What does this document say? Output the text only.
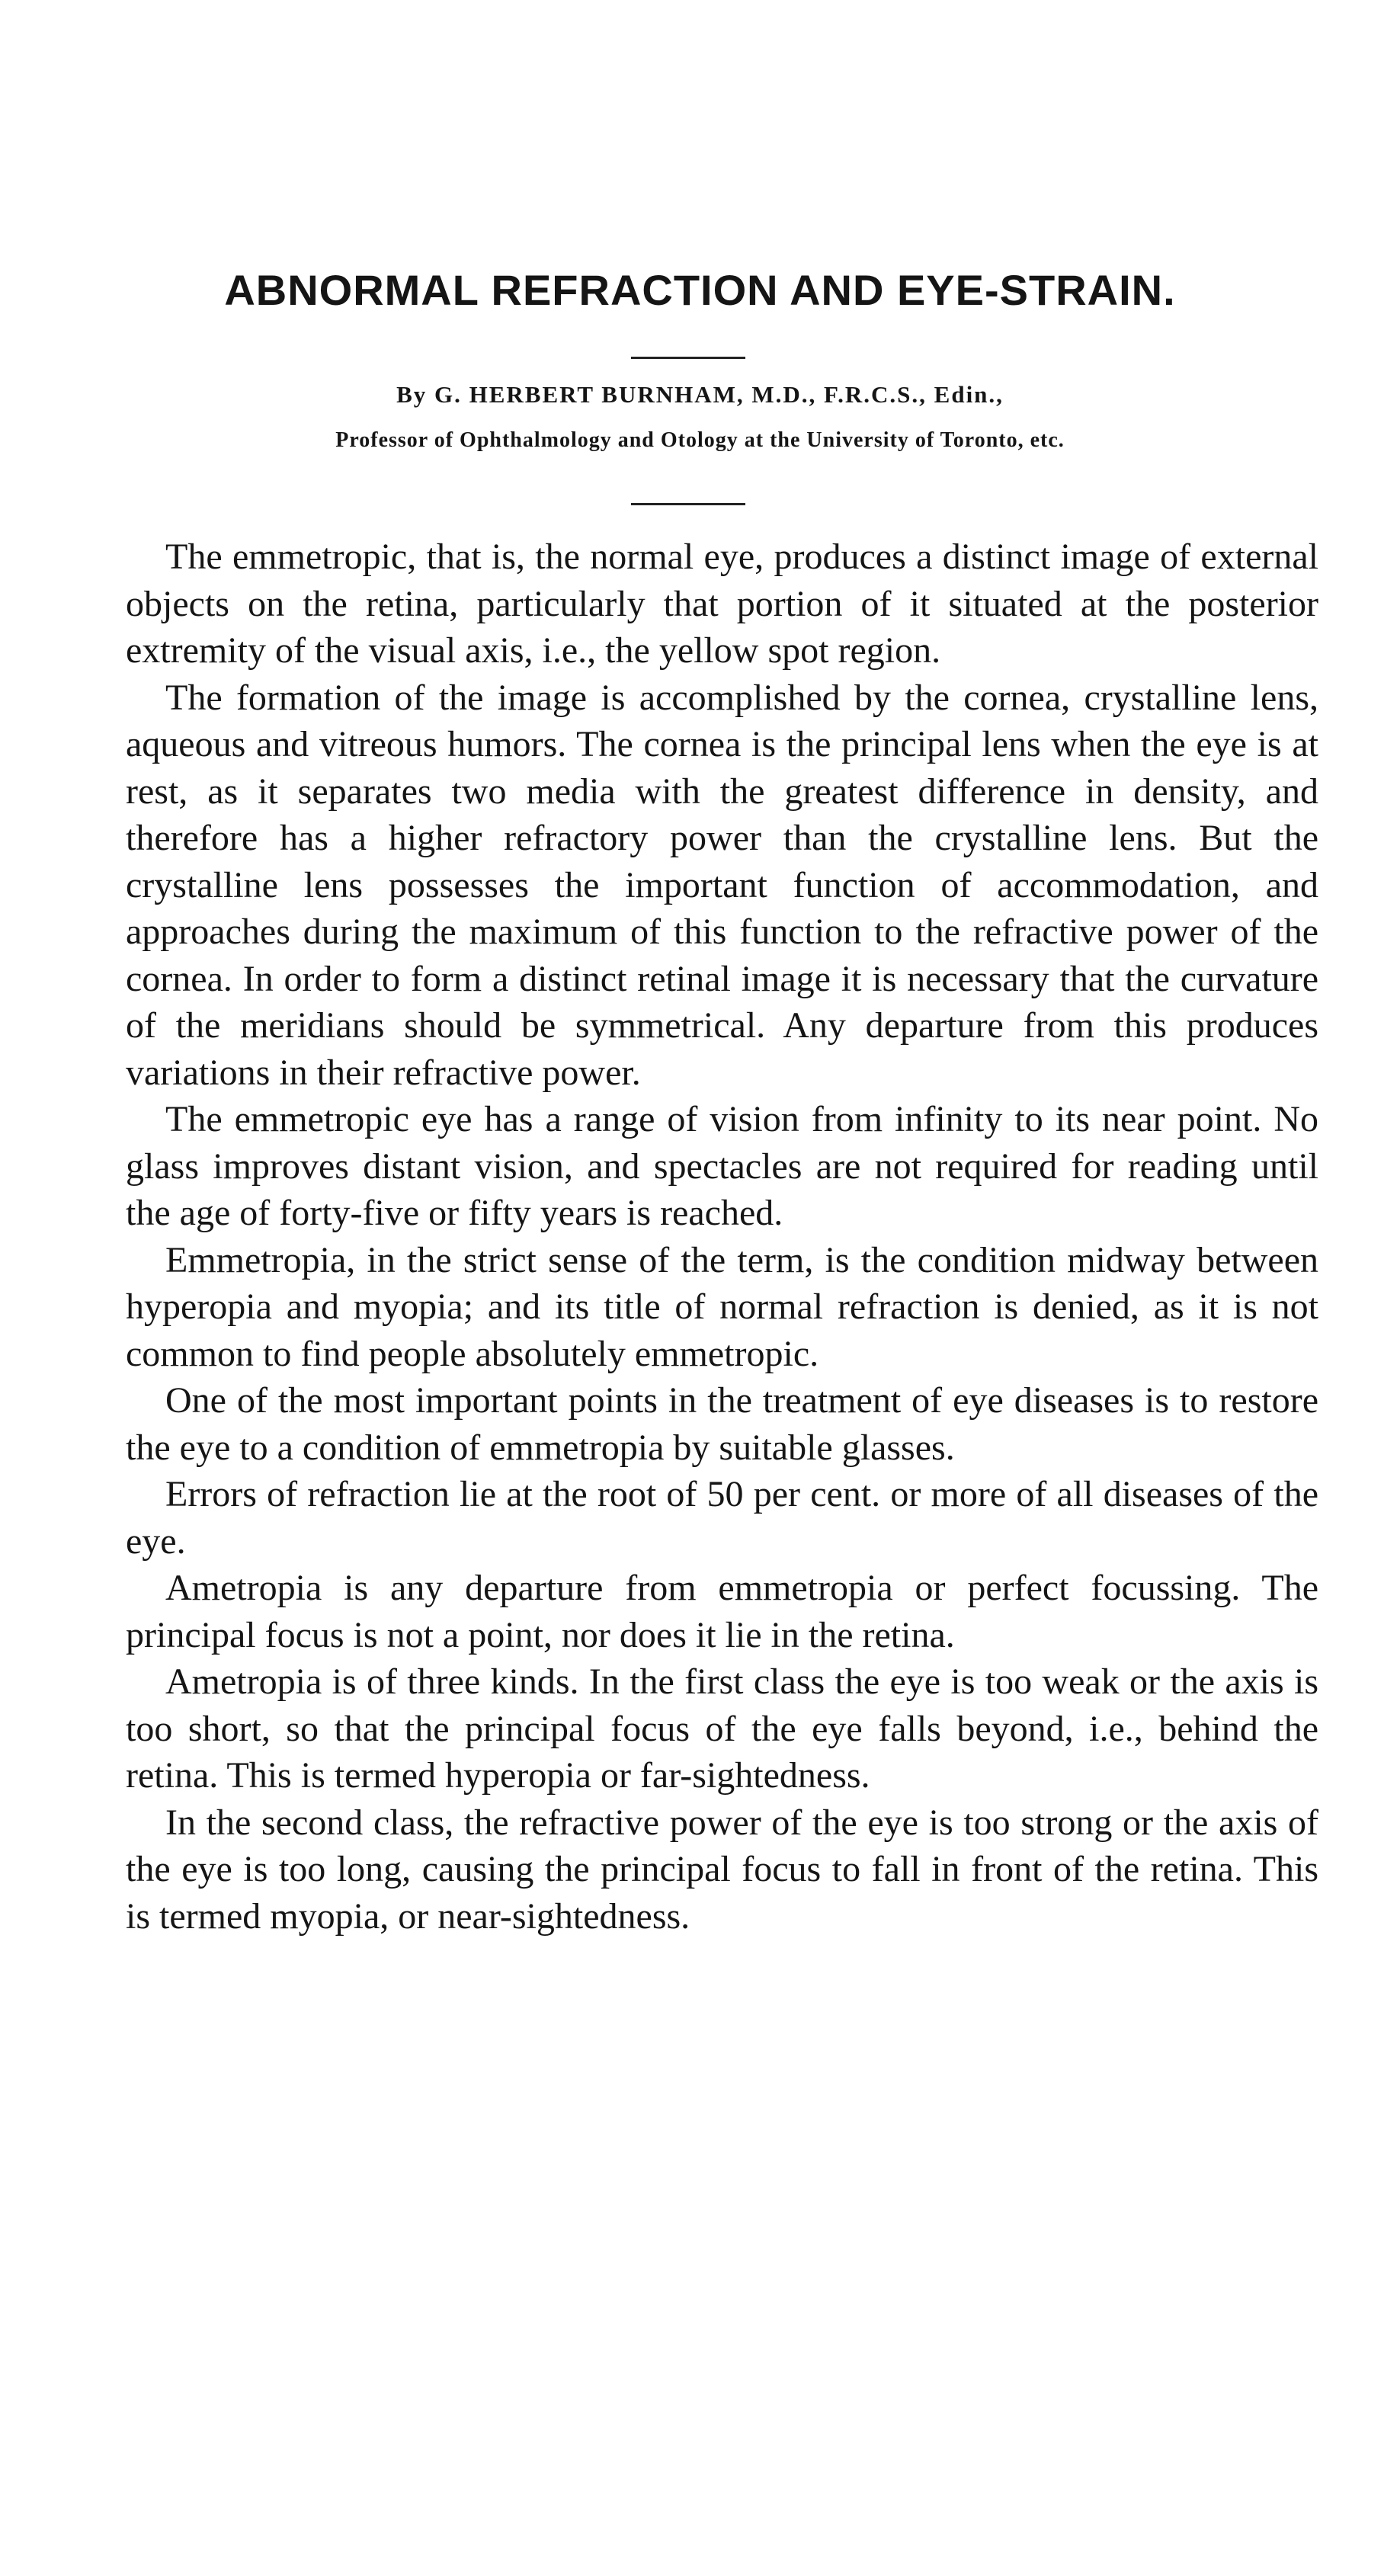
ABNORMAL REFRACTION AND EYE-STRAIN.
By G. HERBERT BURNHAM, M.D., F.R.C.S., Edin.,
Professor of Ophthalmology and Otology at the University of Toronto, etc.

The emmetropic, that is, the normal eye, produces a distinct image of external objects on the retina, particularly that portion of it situated at the posterior extremity of the visual axis, i.e., the yellow spot region.

The formation of the image is accomplished by the cornea, crystalline lens, aqueous and vitreous humors. The cornea is the principal lens when the eye is at rest, as it separates two media with the greatest difference in density, and therefore has a higher refractory power than the crystalline lens. But the crystalline lens possesses the important function of accommodation, and approaches during the maximum of this function to the refractive power of the cornea. In order to form a distinct retinal image it is necessary that the curvature of the meridians should be symmetrical. Any departure from this produces variations in their refractive power.

The emmetropic eye has a range of vision from infinity to its near point. No glass improves distant vision, and spectacles are not required for reading until the age of forty-five or fifty years is reached.

Emmetropia, in the strict sense of the term, is the condition midway between hyperopia and myopia; and its title of normal refraction is denied, as it is not common to find people absolutely emmetropic.

One of the most important points in the treatment of eye diseases is to restore the eye to a condition of emmetropia by suitable glasses.

Errors of refraction lie at the root of 50 per cent. or more of all diseases of the eye.

Ametropia is any departure from emmetropia or perfect focussing. The principal focus is not a point, nor does it lie in the retina.

Ametropia is of three kinds. In the first class the eye is too weak or the axis is too short, so that the principal focus of the eye falls beyond, i.e., behind the retina. This is termed hyperopia or far-sightedness.

In the second class, the refractive power of the eye is too strong or the axis of the eye is too long, causing the principal focus to fall in front of the retina. This is termed myopia, or near-sightedness.
